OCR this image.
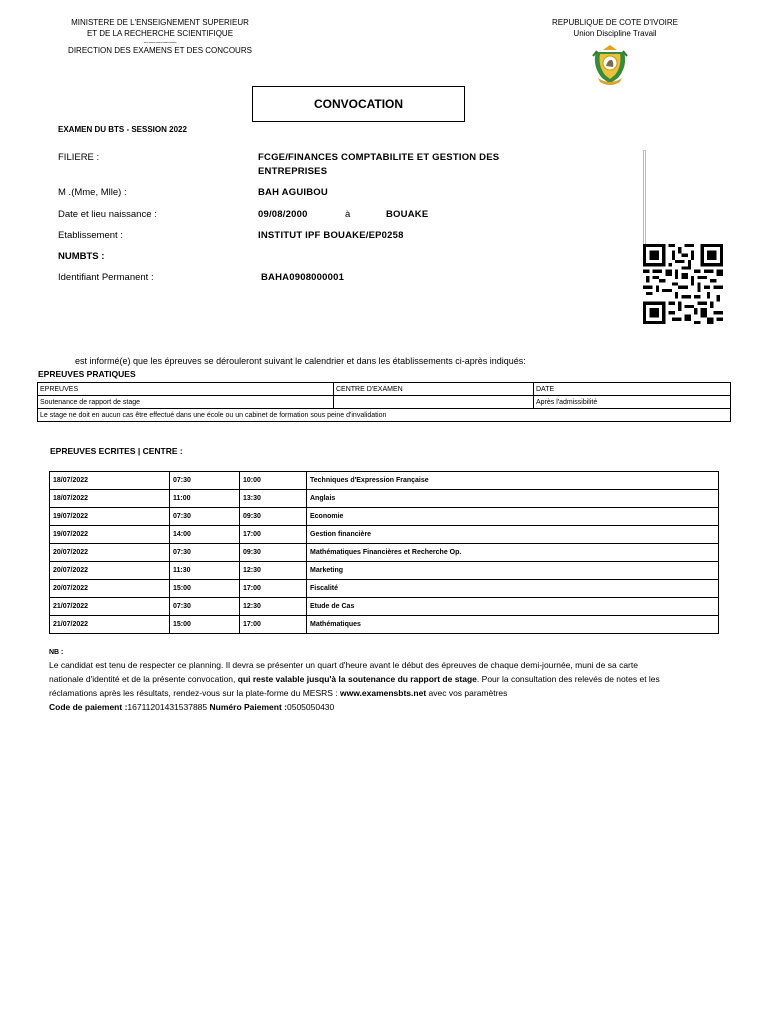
MINISTERE DE L'ENSEIGNEMENT SUPERIEUR
ET DE LA RECHERCHE SCIENTIFIQUE
............................
DIRECTION DES EXAMENS ET DES CONCOURS
REPUBLIQUE DE COTE D'IVOIRE
Union Discipline Travail
CONVOCATION
EXAMEN DU BTS - SESSION 2022
FILIERE :	FCGE/FINANCES COMPTABILITE ET GESTION DES
ENTREPRISES
M .(Mme, Mlle) :	BAH AGUIBOU
Date et lieu naissance :	09/08/2000	à	BOUAKE
Etablissement :	INSTITUT IPF BOUAKE/EP0258
NUMBTS :
Identifiant Permanent :	BAHA0908000001
est informé(e) que les épreuves se dérouleront suivant le calendrier et dans les établissements ci-après indiqués:
EPREUVES PRATIQUES
EPREUVES	CENTRE D'EXAMEN	DATE
Soutenance de rapport de stage		Après l'admissibilité
Le stage ne doit en aucun cas être effectué dans une école ou un cabinet de formation sous peine d'invalidation		
EPREUVES ECRITES | CENTRE :
18/07/2022	07:30	10:00	Techniques d'Expression Française
18/07/2022	11:00	13:30	Anglais
19/07/2022	07:30	09:30	Economie
19/07/2022	14:00	17:00	Gestion financière
20/07/2022	07:30	09:30	Mathématiques Financières et Recherche Op.
20/07/2022	11:30	12:30	Marketing
20/07/2022	15:00	17:00	Fiscalité
21/07/2022	07:30	12:30	Etude de Cas
21/07/2022	15:00	17:00	Mathématiques
NB :
Le candidat est tenu de respecter ce planning. Il devra se présenter un quart d'heure avant le début des épreuves de chaque demi-journée, muni de sa carte nationale d'identité et de la présente convocation, qui reste valable jusqu'à la soutenance du rapport de stage. Pour la consultation des relevés de notes et les réclamations après les résultats, rendez-vous sur la plate-forme du MESRS : www.examensbts.net avec vos paramètres
Code de paiement :16711201431537885 Numéro Paiement :0505050430
